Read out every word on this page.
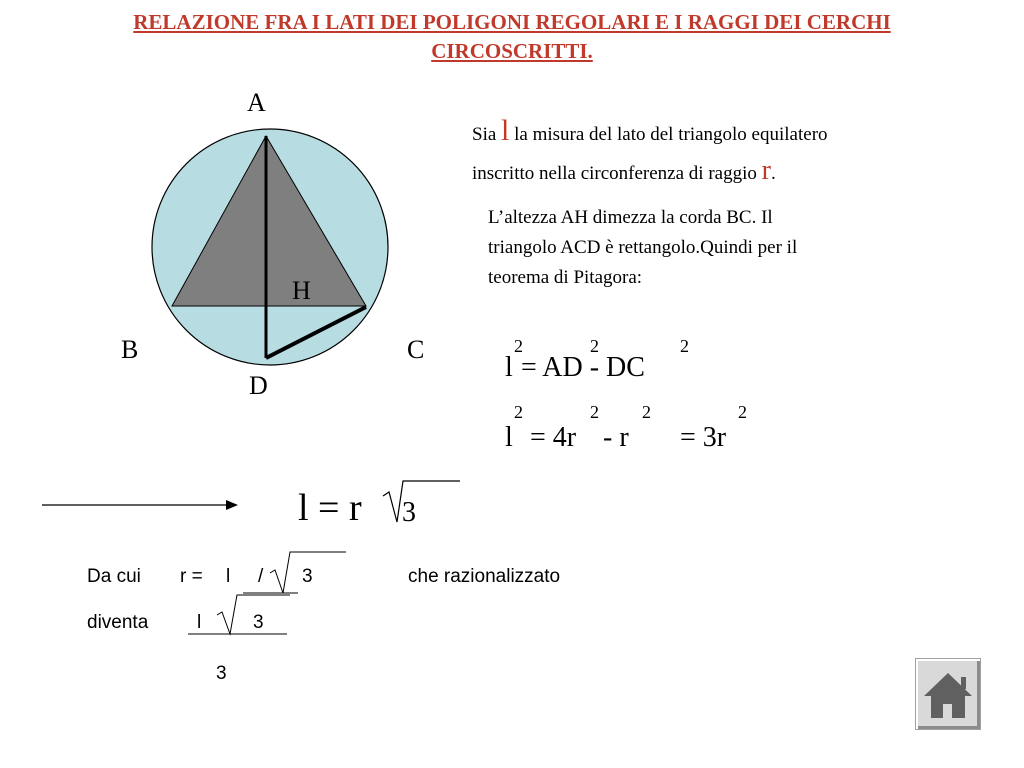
RELAZIONE FRA I LATI DEI POLIGONI REGOLARI E I RAGGI DEI CERCHI
CIRCOSCRITTI.
A
B	C
D
H
Sia l la misura del lato del triangolo equilatero
inscritto nella circonferenza di raggio r.
L’altezza AH dimezza la corda BC. Il
triangolo ACD è rettangolo.Quindi per il
teorema di Pitagora:
l = AD - DC
2	2	2
l = 4r - r = 3r
2	2 2	2
l = r 3
Da cui r = l / 3	che razionalizzato
diventa	l	3
3
